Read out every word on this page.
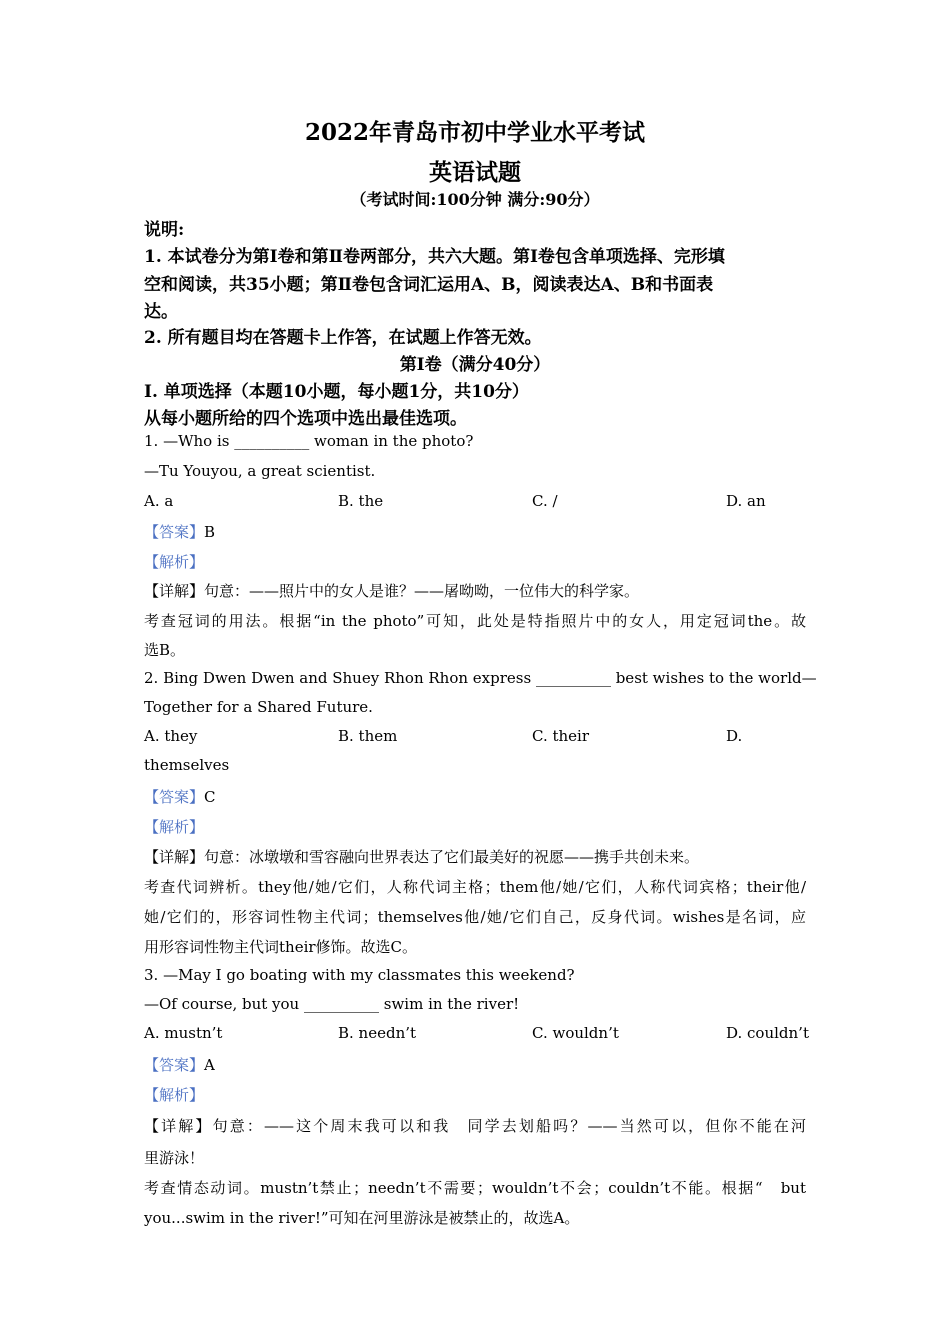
2022年青岛市初中学业水平考试
英语试题
（考试时间:100分钟 满分:90分）
说明:
1. 本试卷分为第Ⅰ卷和第Ⅱ卷两部分，共六大题。第Ⅰ卷包含单项选择、完形填
空和阅读，共35小题；第Ⅱ卷包含词汇运用A、B，阅读表达A、B和书面表
达。
2. 所有题目均在答题卡上作答，在试题上作答无效。
第Ⅰ卷（满分40分）
I. 单项选择（本题10小题，每小题1分，共10分）
从每小题所给的四个选项中选出最佳选项。
1. —Who is __________ woman in the photo?
—Tu Youyou, a great scientist.
A. a	B. the	C. /	D. an
【答案】B
【解析】
【详解】句意：——照片中的女人是谁？——屠呦呦，一位伟大的科学家。
考查冠词的用法。根据“in the photo”可知，此处是特指照片中的女人，用定冠词the。故
选B。
2. Bing Dwen Dwen and Shuey Rhon Rhon express __________ best wishes to the world—
Together for a Shared Future.
A. they	B. them	C. their	D.
themselves
【答案】C
【解析】
【详解】句意：冰墩墩和雪容融向世界表达了它们最美好的祝愿——携手共创未来。
考查代词辨析。they他/她/它们，人称代词主格；them他/她/它们，人称代词宾格；their他/
她/它们的，形容词性物主代词；themselves他/她/它们自己，反身代词。wishes是名词，应
用形容词性物主代词their修饰。故选C。
3. —May I go boating with my classmates this weekend?
—Of course, but you __________ swim in the river!
A. mustn’t	B. needn’t	C. wouldn’t	D. couldn’t
【答案】A
【解析】
【详解】句意：——这个周末我可以和我　同学去划船吗？——当然可以，但你不能在河
里游泳！
考查情态动词。mustn’t禁止；needn’t不需要；wouldn’t不会；couldn’t不能。根据“　but
you...swim in the river!”可知在河里游泳是被禁止的，故选A。
